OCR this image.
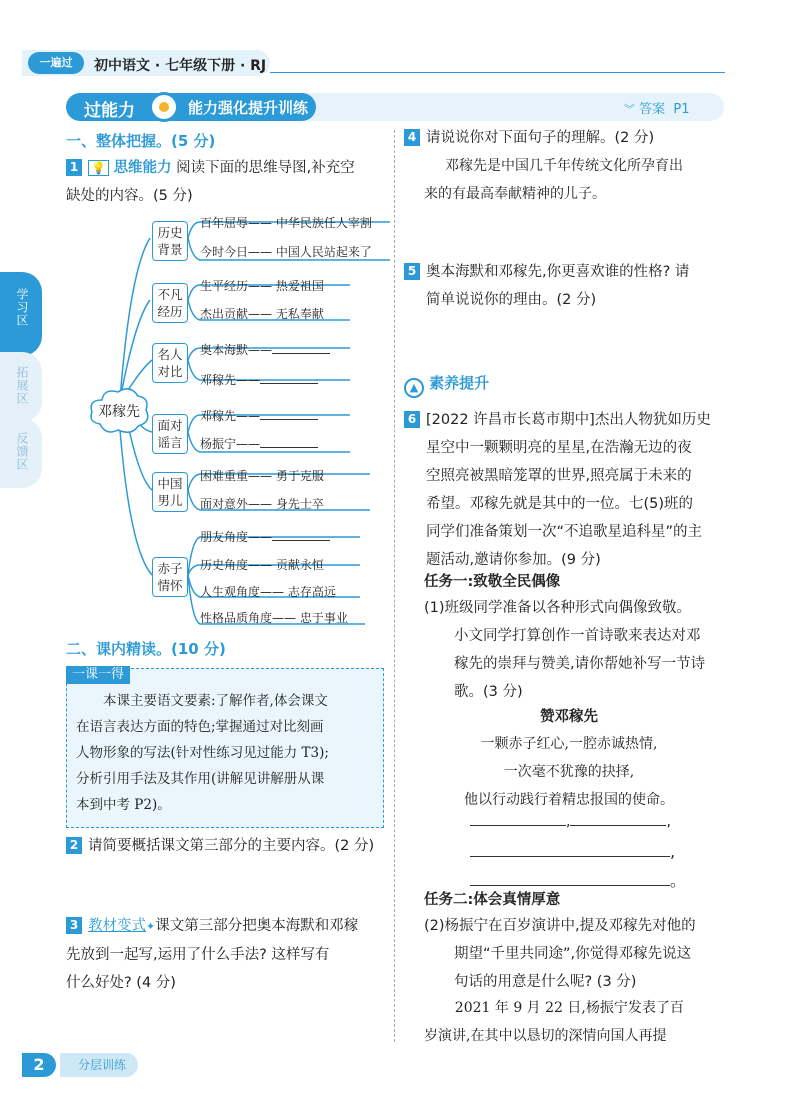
一遍过	初中语文 · 七年级下册 · RJ
过能力	能力强化提升训练	︾ 答案 P1
学习区
拓展区
反馈区
一、整体把握。(5 分)
1 💡 思维能力 阅读下面的思维导图,补充空
缺处的内容。(5 分)
邓稼先
历史
背景
不凡
经历
名人
对比
面对
谣言
中国
男儿
赤子
情怀
百年屈辱—— 中华民族任人宰割
今时今日—— 中国人民站起来了
生平经历—— 热爱祖国
杰出贡献—— 无私奉献
奥本海默——
邓稼先——
邓稼先——
杨振宁——
困难重重—— 勇于克服
面对意外—— 身先士卒
朋友角度——
历史角度—— 贡献永恒
人生观角度—— 志存高远
性格品质角度—— 忠于事业
二、课内精读。(10 分)
一课一得
本课主要语文要素:了解作者,体会课文
在语言表达方面的特色;掌握通过对比刻画
人物形象的写法(针对性练习见过能力 T3);
分析引用手法及其作用(讲解见讲解册从课
本到中考 P2)。
2 请简要概括课文第三部分的主要内容。(2 分)
3 教材变式✦课文第三部分把奥本海默和邓稼
先放到一起写,运用了什么手法? 这样写有
什么好处? (4 分)
4 请说说你对下面句子的理解。(2 分)
邓稼先是中国几千年传统文化所孕育出
来的有最高奉献精神的儿子。
5 奥本海默和邓稼先,你更喜欢谁的性格? 请
简单说说你的理由。(2 分)
▲ 素养提升
6 [2022 许昌市长葛市期中]杰出人物犹如历史
星空中一颗颗明亮的星星,在浩瀚无边的夜
空照亮被黑暗笼罩的世界,照亮属于未来的
希望。邓稼先就是其中的一位。七(5)班的
同学们准备策划一次“不追歌星追科星”的主
题活动,邀请你参加。(9 分)
任务一:致敬全民偶像
(1)班级同学准备以各种形式向偶像致敬。
小文同学打算创作一首诗歌来表达对邓
稼先的崇拜与赞美,请你帮她补写一节诗
歌。(3 分)
赞邓稼先
一颗赤子红心,一腔赤诚热情,
一次毫不犹豫的抉择,
他以行动践行着精忠报国的使命。
,	,
,
。
任务二:体会真情厚意
(2)杨振宁在百岁演讲中,提及邓稼先对他的
期望“千里共同途”,你觉得邓稼先说这
句话的用意是什么呢? (3 分)
2021 年 9 月 22 日,杨振宁发表了百
岁演讲,在其中以恳切的深情向国人再提
2	分层训练
